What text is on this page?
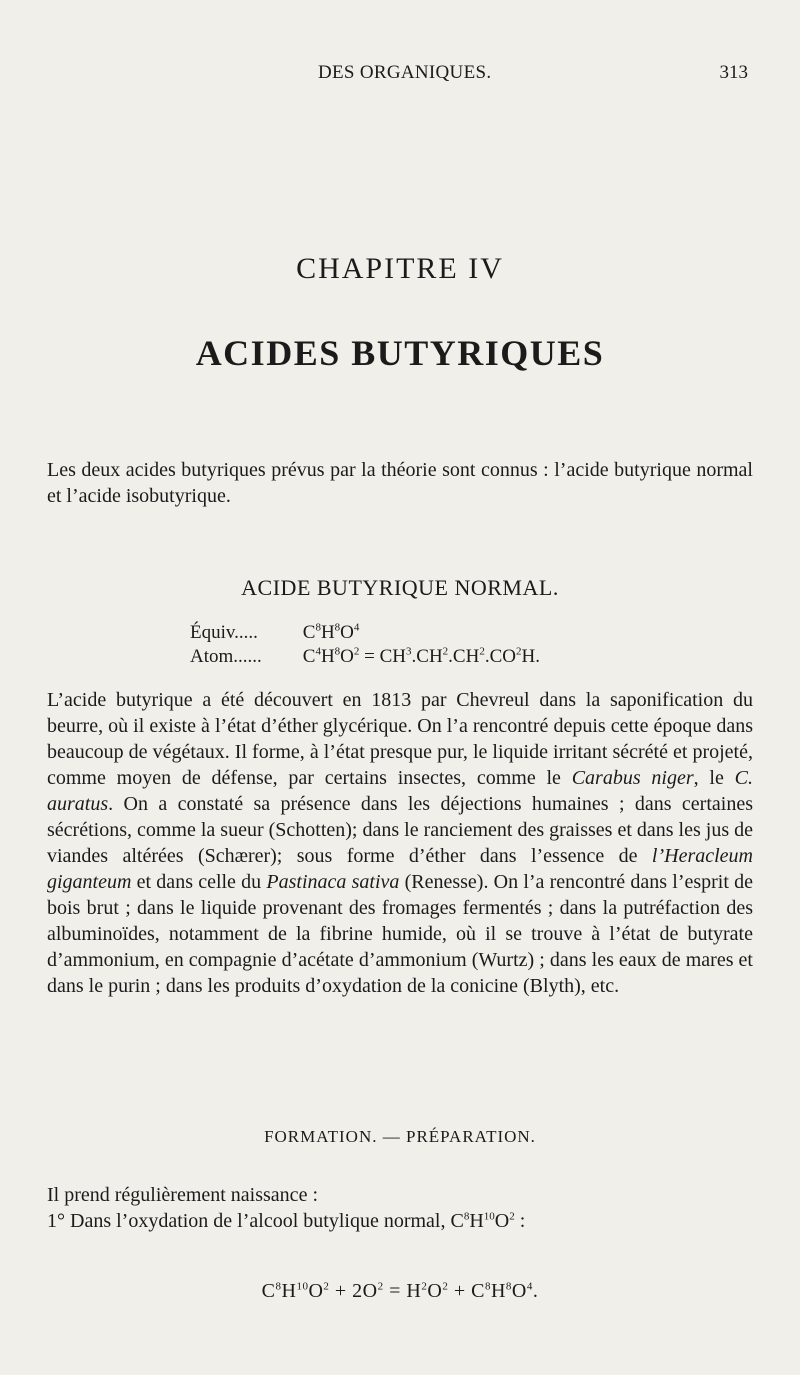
DES ORGANIQUES.	313
CHAPITRE IV
ACIDES BUTYRIQUES

Les deux acides butyriques prévus par la théorie sont connus : l’acide butyrique normal et l’acide isobutyrique.

ACIDE BUTYRIQUE NORMAL.
Équiv..... $C^8H^8O^4$
Atom...... $C^4H^8O^2 = CH^3.CH^2.CH^2.CO^2H$.

L’acide butyrique a été découvert en 1813 par Chevreul dans la saponification du beurre, où il existe à l’état d’éther glycérique. On l’a rencontré depuis cette époque dans beaucoup de végétaux. Il forme, à l’état presque pur, le liquide irritant sécrété et projeté, comme moyen de défense, par certains insectes, comme le Carabus niger, le C. auratus. On a constaté sa présence dans les déjections humaines ; dans certaines sécrétions, comme la sueur (Schotten); dans le ranciement des graisses et dans les jus de viandes altérées (Schærer); sous forme d’éther dans l’essence de l’Heracleum giganteum et dans celle du Pastinaca sativa (Renesse). On l’a rencontré dans l’esprit de bois brut ; dans le liquide provenant des fromages fermentés ; dans la putréfaction des albuminoïdes, notamment de la fibrine humide, où il se trouve à l’état de butyrate d’ammonium, en compagnie d’acétate d’ammonium (Wurtz) ; dans les eaux de mares et dans le purin ; dans les produits d’oxydation de la conicine (Blyth), etc.

FORMATION. — PRÉPARATION.
Il prend régulièrement naissance :
1° Dans l’oxydation de l’alcool butylique normal, $C^8H^{10}O^2$ :
$C^8H^{10}O^2 + 2O^2 = H^2O^2 + C^8H^8O^4$.
